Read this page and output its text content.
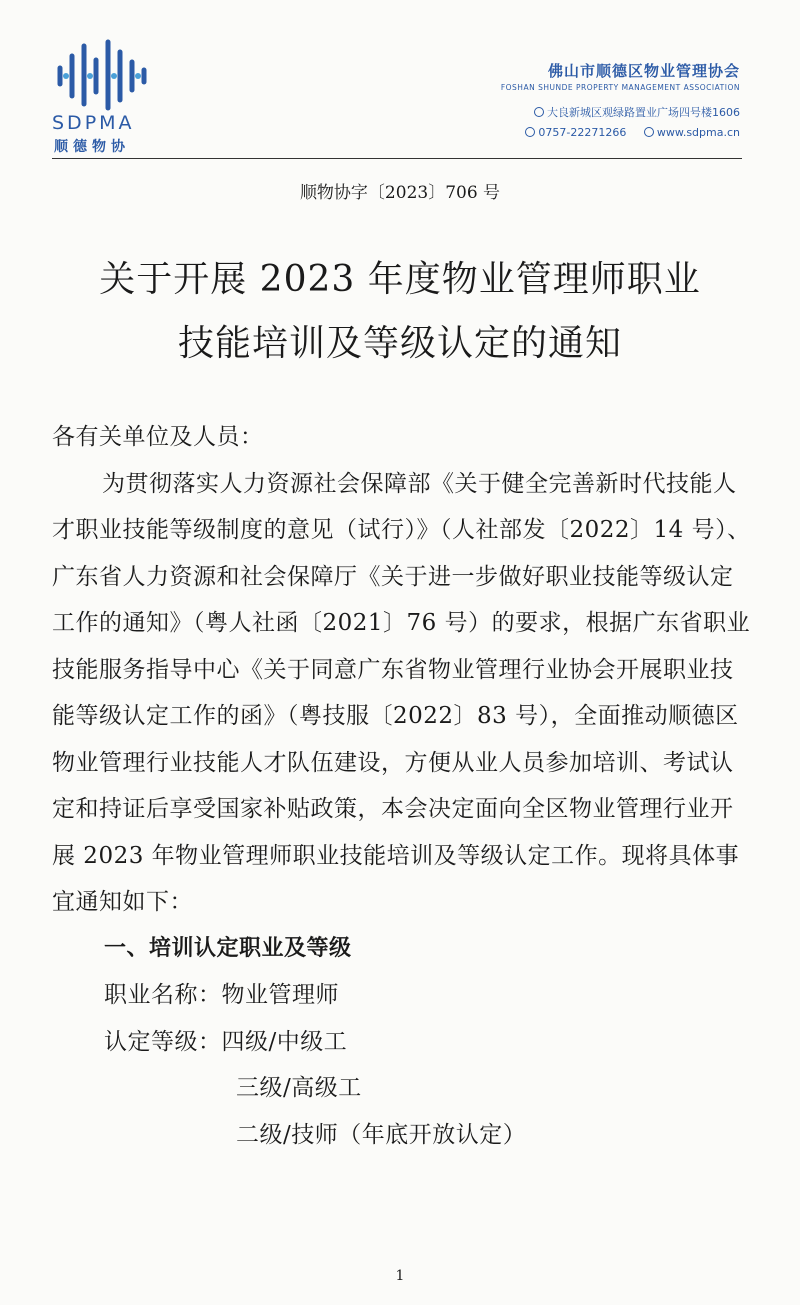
SDPMA
顺德物协
佛山市顺德区物业管理协会
FOSHAN SHUNDE PROPERTY MANAGEMENT ASSOCIATION
大良新城区观绿路置业广场四号楼1606
0757-22271266	www.sdpma.cn
顺物协字〔2023〕706 号
关于开展 2023 年度物业管理师职业
技能培训及等级认定的通知

各有关单位及人员：

为贯彻落实人力资源社会保障部《关于健全完善新时代技能人才职业技能等级制度的意见（试行）》（人社部发〔2022〕14 号）、广东省人力资源和社会保障厅《关于进一步做好职业技能等级认定工作的通知》（粤人社函〔2021〕76 号）的要求，根据广东省职业技能服务指导中心《关于同意广东省物业管理行业协会开展职业技能等级认定工作的函》（粤技服〔2022〕83 号），全面推动顺德区物业管理行业技能人才队伍建设，方便从业人员参加培训、考试认定和持证后享受国家补贴政策，本会决定面向全区物业管理行业开展 2023 年物业管理师职业技能培训及等级认定工作。现将具体事宜通知如下：

一、培训认定职业及等级

职业名称：物业管理师

认定等级：四级/中级工

三级/高级工

二级/技师（年底开放认定）

1
